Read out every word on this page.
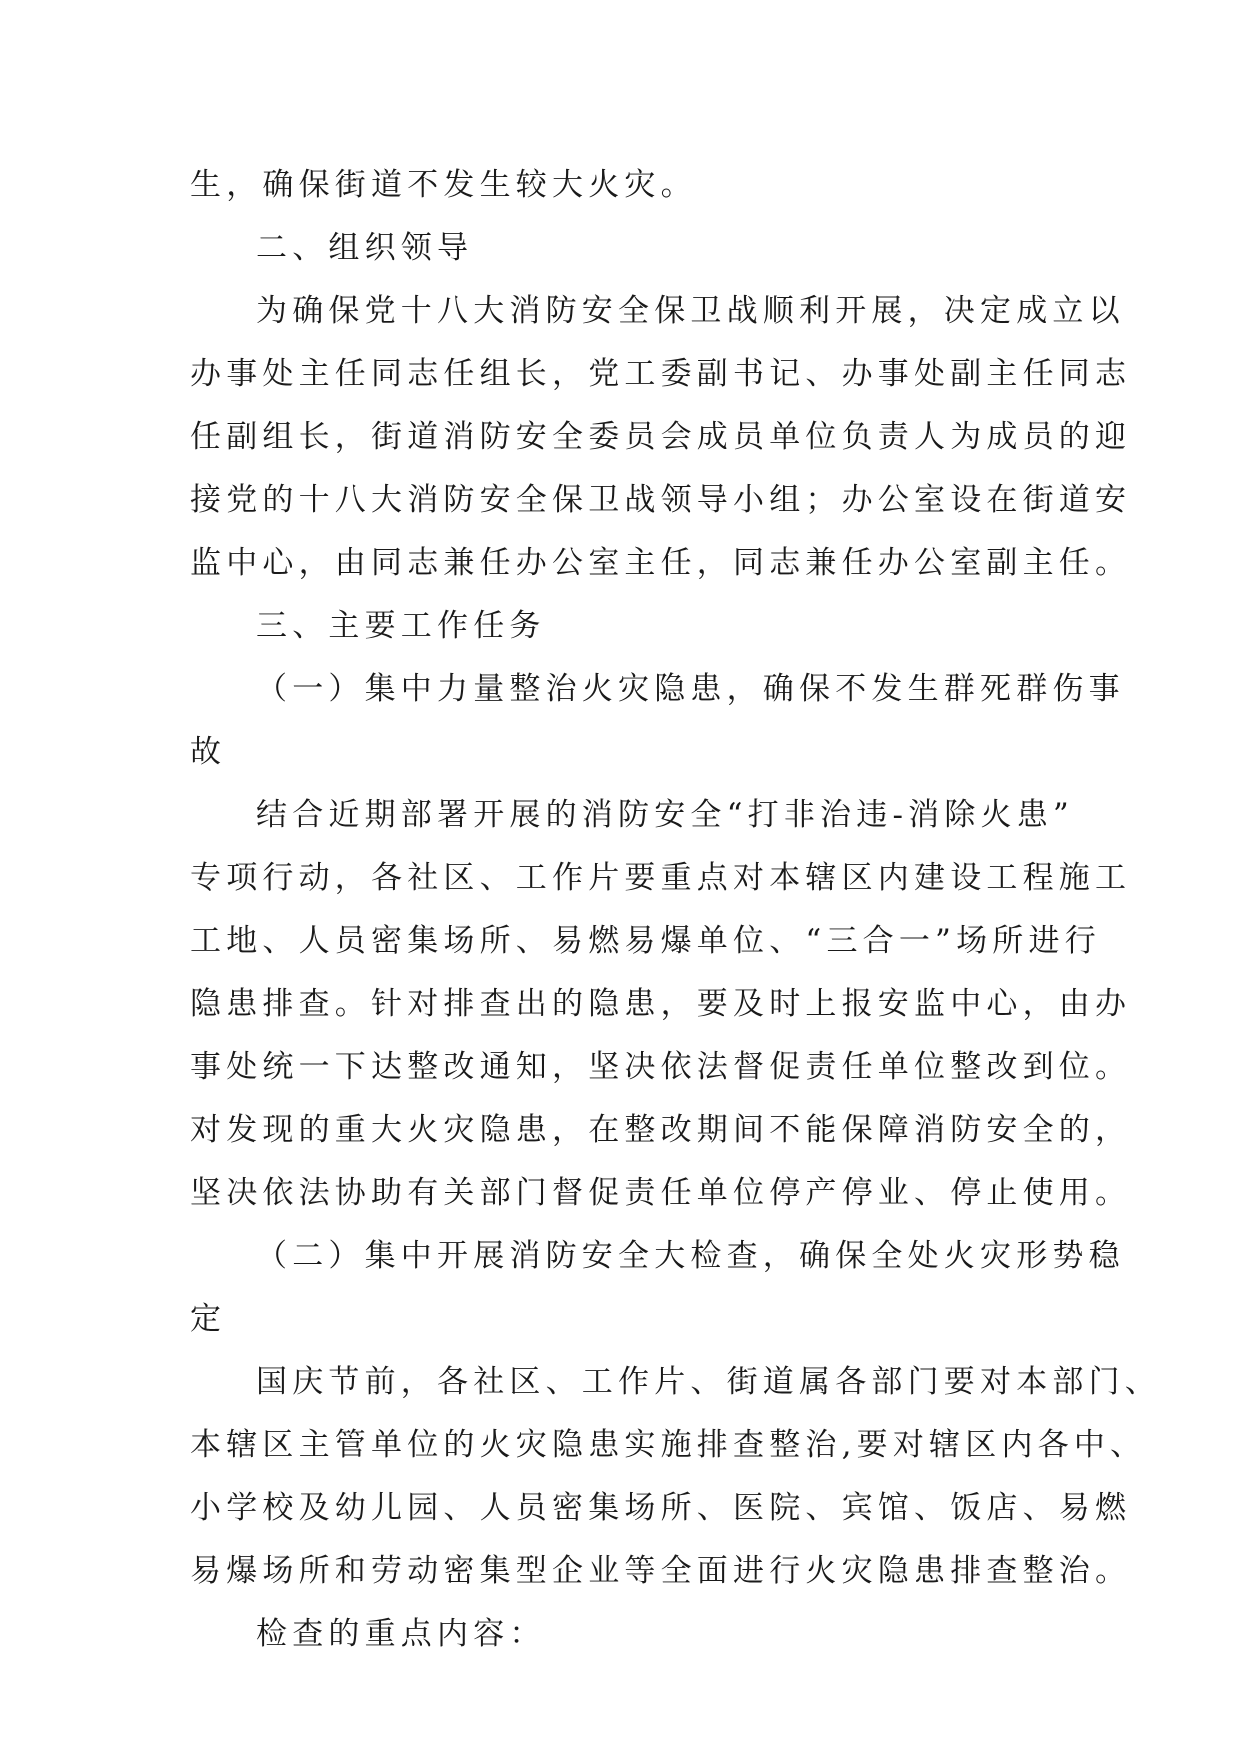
生，确保街道不发生较大火灾。
二、组织领导
为确保党十八大消防安全保卫战顺利开展，决定成立以
办事处主任同志任组长，党工委副书记、办事处副主任同志
任副组长，街道消防安全委员会成员单位负责人为成员的迎
接党的十八大消防安全保卫战领导小组；办公室设在街道安
监中心，由同志兼任办公室主任，同志兼任办公室副主任。
三、主要工作任务
（一）集中力量整治火灾隐患，确保不发生群死群伤事
故
结合近期部署开展的消防安全“打非治违-消除火患”
专项行动，各社区、工作片要重点对本辖区内建设工程施工
工地、人员密集场所、易燃易爆单位、“三合一”场所进行
隐患排查。针对排查出的隐患，要及时上报安监中心，由办
事处统一下达整改通知，坚决依法督促责任单位整改到位。
对发现的重大火灾隐患，在整改期间不能保障消防安全的，
坚决依法协助有关部门督促责任单位停产停业、停止使用。
（二）集中开展消防安全大检查，确保全处火灾形势稳
定
国庆节前，各社区、工作片、街道属各部门要对本部门、
本辖区主管单位的火灾隐患实施排查整治,要对辖区内各中、
小学校及幼儿园、人员密集场所、医院、宾馆、饭店、易燃
易爆场所和劳动密集型企业等全面进行火灾隐患排查整治。
检查的重点内容：
